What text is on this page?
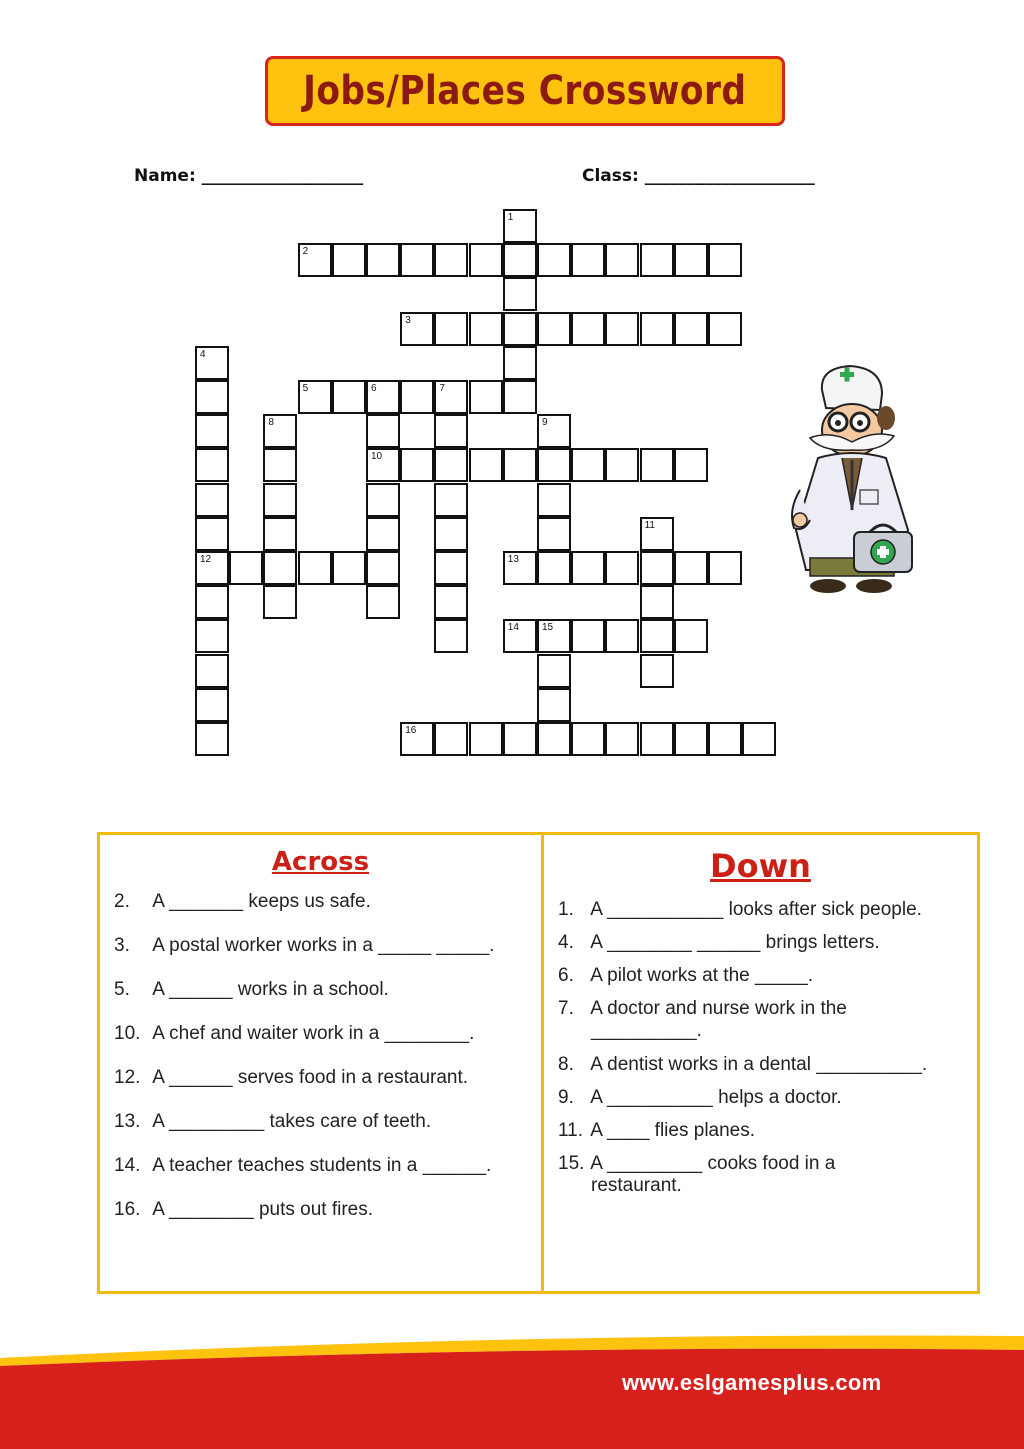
Jobs/Places Crossword
Name: ___________________	Class: ____________________
1
2
3
4
12
5	6	7
10
8	9
11
13
14 15
16
Across
2. A _______ keeps us safe.
3. A postal worker works in a _____ _____.
5. A ______ works in a school.
10. A chef and waiter work in a ________.
12. A ______ serves food in a restaurant.
13. A _________ takes care of teeth.
14. A teacher teaches students in a ______.
16. A ________ puts out fires.
Down
1. A ___________ looks after sick people.
4. A ________ ______ brings letters.
6. A pilot works at the _____.
7. A doctor and nurse work in the
__________.
8. A dentist works in a dental __________.
9. A __________ helps a doctor.
11. A ____ flies planes.
15. A _________ cooks food in a
restaurant.
www.eslgamesplus.com
